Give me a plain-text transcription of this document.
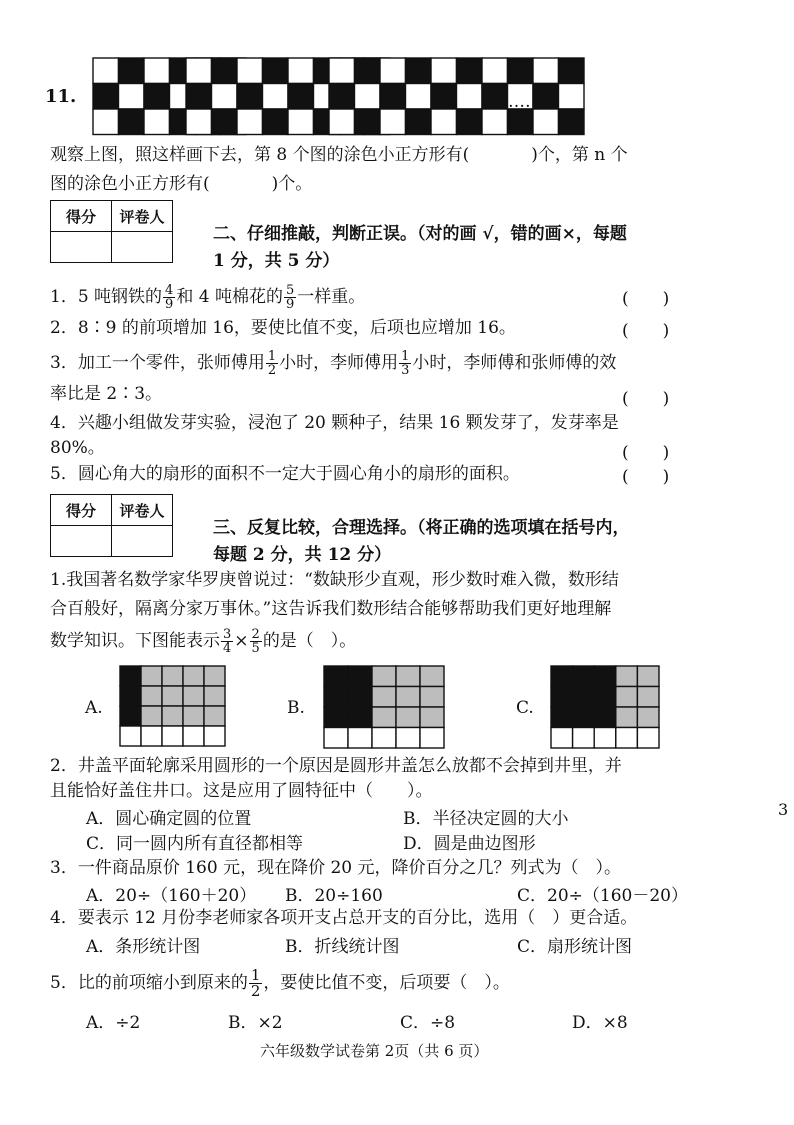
11.	……
观察上图，照这样画下去，第 8 个图的涂色小正方形有(	)个，第 n 个
图的涂色小正方形有(	)个。
得分	评卷人

二、仔细推敲，判断正误。（对的画 √，错的画×，每题
1 分，共 5 分）
1．5 吨钢铁的 $\frac{4}{9}$ 和 4 吨棉花的 $\frac{5}{9}$ 一样重。	(　　)
2．8∶9 的前项增加 16，要使比值不变，后项也应增加 16。	(　　)
3．加工一个零件，张师傅用 $\frac{1}{2}$ 小时，李师傅用 $\frac{1}{3}$ 小时，李师傅和张师傅的效
率比是 2∶3。	(　　)
4．兴趣小组做发芽实验，浸泡了 20 颗种子，结果 16 颗发芽了，发芽率是
80%。	(　　)
5．圆心角大的扇形的面积不一定大于圆心角小的扇形的面积。	(　　)
得分	评卷人

三、反复比较，合理选择。（将正确的选项填在括号内，
每题 2 分，共 12 分）
1.我国著名数学家华罗庚曾说过：“数缺形少直观，形少数时难入微，数形结
合百般好，隔离分家万事休。”这告诉我们数形结合能够帮助我们更好地理解
数学知识。下图能表示 $\frac{3}{4} \times \frac{2}{5}$ 的是（　）。
A.	B.	C.
2．井盖平面轮廓采用圆形的一个原因是圆形井盖怎么放都不会掉到井里，并
且能恰好盖住井口。这是应用了圆特征中（　　）。
A．圆心确定圆的位置	B．半径决定圆的大小
C．同一圆内所有直径都相等	D．圆是曲边图形
3．一件商品原价 160 元，现在降价 20 元，降价百分之几？列式为（　）。
A．20÷（160＋20） B．20÷160	C．20÷（160－20）
4．要表示 12 月份李老师家各项开支占总开支的百分比，选用（　）更合适。
A．条形统计图	B．折线统计图	C．扇形统计图
5．比的前项缩小到原来的 $\frac{1}{2}$ ，要使比值不变，后项要（　）。
A．÷2	B．×2	C．÷8	D．×8
3
六年级数学试卷第 2页（共 6 页）
